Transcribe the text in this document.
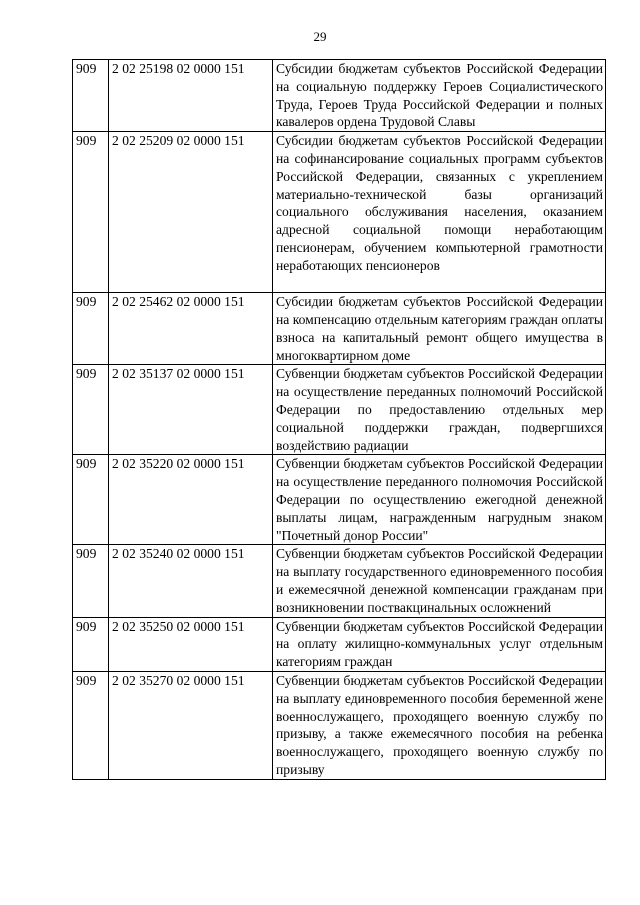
29
909	2 02 25198 02 0000 151	Субсидии бюджетам субъектов Российской Федерации на социальную поддержку Героев Социалистического Труда, Героев Труда Российской Федерации и полных кавалеров ордена Трудовой Славы
909	2 02 25209 02 0000 151	Субсидии бюджетам субъектов Российской Федерации на софинансирование социальных программ субъектов Российской Федерации, связанных с укреплением материально-технической базы организаций социального обслуживания населения, оказанием адресной социальной помощи неработающим пенсионерам, обучением компьютерной грамотности неработающих пенсионеров
909	2 02 25462 02 0000 151	Субсидии бюджетам субъектов Российской Федерации на компенсацию отдельным категориям граждан оплаты взноса на капитальный ремонт общего имущества в многоквартирном доме
909	2 02 35137 02 0000 151	Субвенции бюджетам субъектов Российской Федерации на осуществление переданных полномочий Российской Федерации по предоставлению отдельных мер социальной поддержки граждан, подвергшихся воздействию радиации
909	2 02 35220 02 0000 151	Субвенции бюджетам субъектов Российской Федерации на осуществление переданного полномочия Российской Федерации по осуществлению ежегодной денежной выплаты лицам, награжденным нагрудным знаком "Почетный донор России"
909	2 02 35240 02 0000 151	Субвенции бюджетам субъектов Российской Федерации на выплату государственного единовременного пособия и ежемесячной денежной компенсации гражданам при возникновении поствакцинальных осложнений
909	2 02 35250 02 0000 151	Субвенции бюджетам субъектов Российской Федерации на оплату жилищно-коммунальных услуг отдельным категориям граждан
909	2 02 35270 02 0000 151	Субвенции бюджетам субъектов Российской Федерации на выплату единовременного пособия беременной жене военнослужащего, проходящего военную службу по призыву, а также ежемесячного пособия на ребенка военнослужащего, проходящего военную службу по призыву
